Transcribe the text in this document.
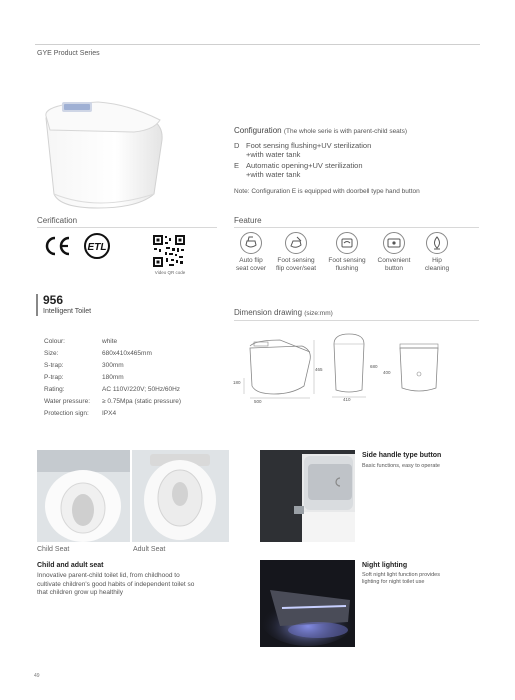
GYE Product Series
Configuration (The whole serie is with parent-child seats)
D Foot sensing flushing+UV sterilization
+with water tank
E Automatic opening+UV sterilization
+with water tank
Note: Configuration E is equipped with doorbell type hand button
Cerification
ETL
Video QR code
Feature
Auto flip
seat cover
Foot sensing
flip cover/seat
Foot sensing
flushing
Convenient
button
Hip
cleaning
956
Intelligent Toilet
Colour:	white
Size:	680x410x465mm
S-trap:	300mm
P-trap:	180mm
Rating:	AC 110V/220V; 50Hz/60Hz
Water pressure: ≥ 0.75Mpa (static pressure)
Protection sign: IPX4
Dimension drawing (size:mm)
180
500
465
410
680
400
Child Seat	Adult Seat
Child and adult seat
Innovative parent-child toilet lid, from childhood to
cultivate children's good habits of independent toilet so
that children grow up healthily
Side handle type button
Basic functions, easy to operate
Night lighting
Soft night light function provides
lighting for night toilet use
49
